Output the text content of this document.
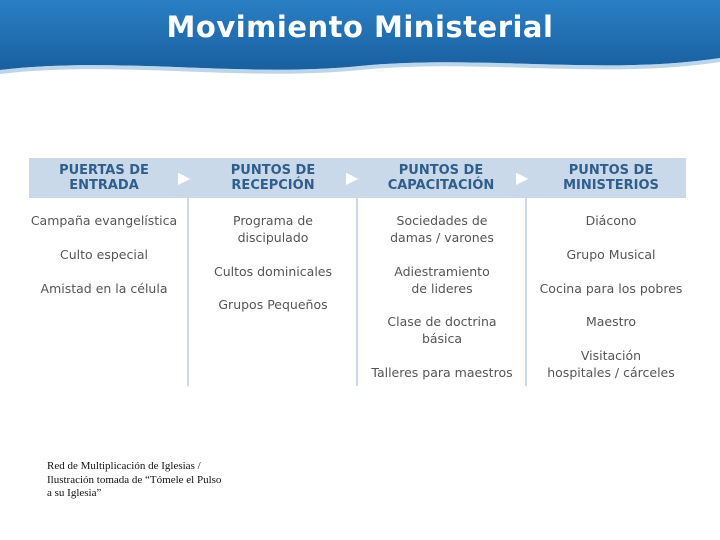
Movimiento Ministerial
PUERTAS DE ENTRADA
PUNTOS DE RECEPCIÓN
PUNTOS DE CAPACITACIÓN
PUNTOS DE MINISTERIOS
▶	▶	▶
Campaña evangelística
Culto especial
Amistad en la célula
Programa de
discipulado
Cultos dominicales
Grupos Pequeños
Sociedades de
damas / varones
Adiestramiento
de lideres
Clase de doctrina
básica
Talleres para maestros
Diácono
Grupo Musical
Cocina para los pobres
Maestro
Visitación
hospitales / cárceles
Red de Multiplicación de Iglesias /
Ilustración tomada de “Tómele el Pulso
a su Iglesia”
